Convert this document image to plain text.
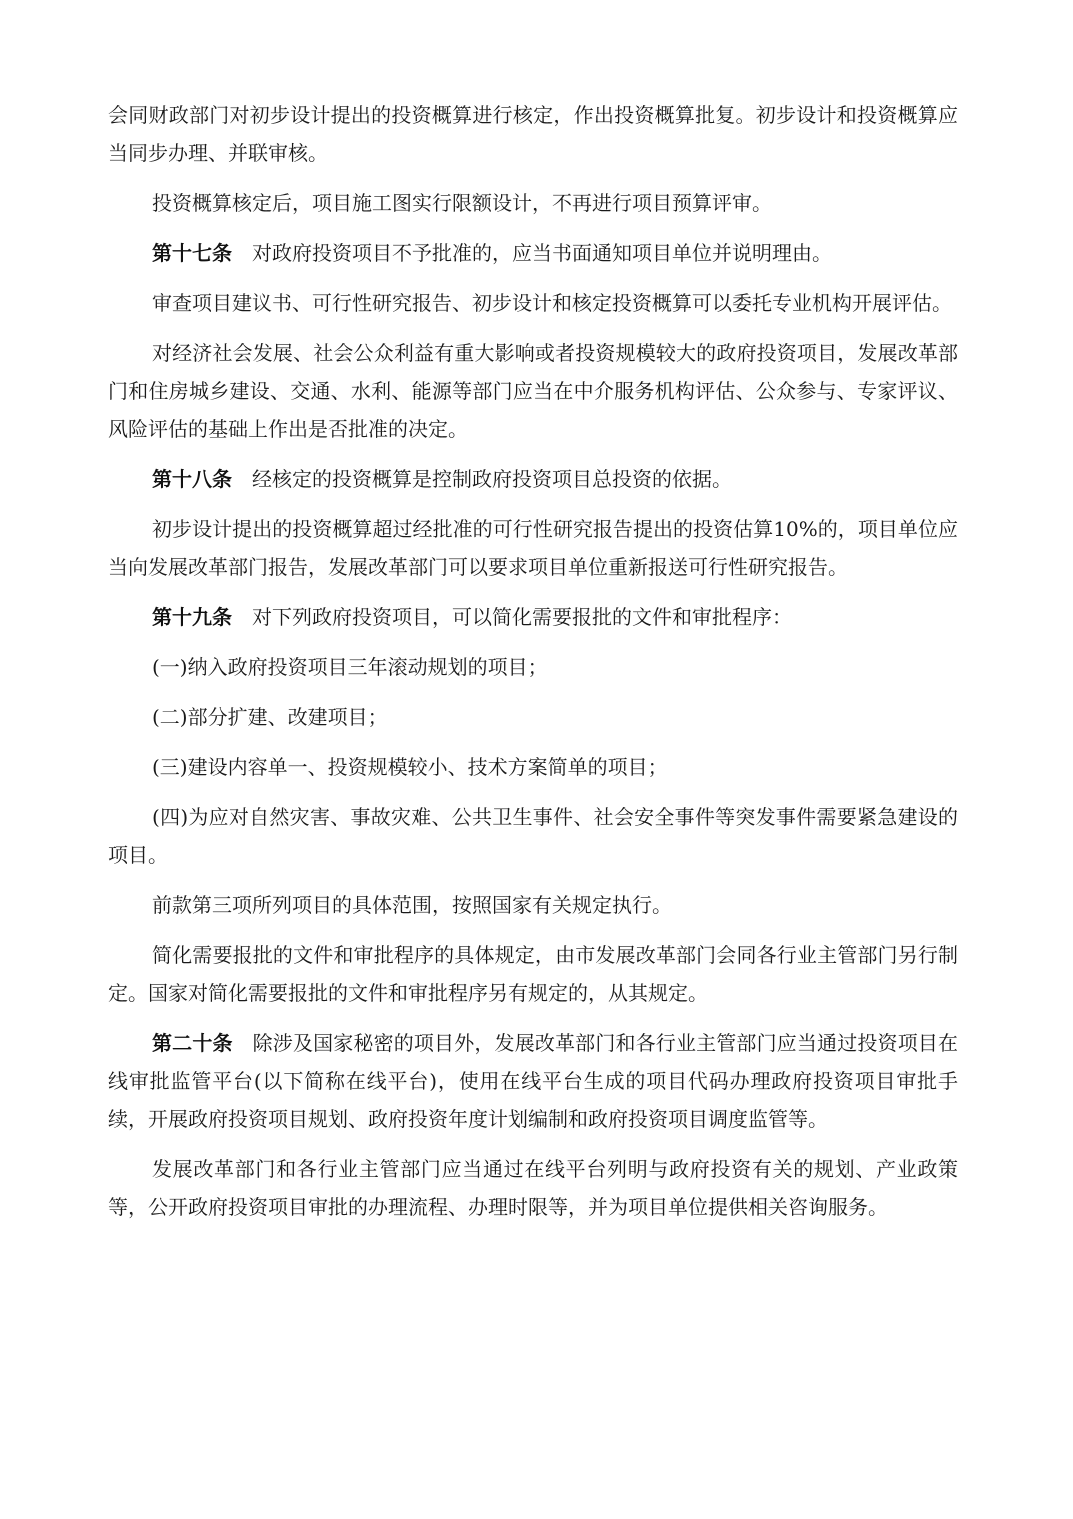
会同财政部门对初步设计提出的投资概算进行核定，作出投资概算批复。初步设计和投资概算应当同步办理、并联审核。

投资概算核定后，项目施工图实行限额设计，不再进行项目预算评审。

第十七条 对政府投资项目不予批准的，应当书面通知项目单位并说明理由。

审查项目建议书、可行性研究报告、初步设计和核定投资概算可以委托专业机构开展评估。

对经济社会发展、社会公众利益有重大影响或者投资规模较大的政府投资项目，发展改革部门和住房城乡建设、交通、水利、能源等部门应当在中介服务机构评估、公众参与、专家评议、风险评估的基础上作出是否批准的决定。

第十八条 经核定的投资概算是控制政府投资项目总投资的依据。

初步设计提出的投资概算超过经批准的可行性研究报告提出的投资估算10%的，项目单位应当向发展改革部门报告，发展改革部门可以要求项目单位重新报送可行性研究报告。

第十九条 对下列政府投资项目，可以简化需要报批的文件和审批程序：

(一)纳入政府投资项目三年滚动规划的项目；

(二)部分扩建、改建项目；

(三)建设内容单一、投资规模较小、技术方案简单的项目；

(四)为应对自然灾害、事故灾难、公共卫生事件、社会安全事件等突发事件需要紧急建设的项目。

前款第三项所列项目的具体范围，按照国家有关规定执行。

简化需要报批的文件和审批程序的具体规定，由市发展改革部门会同各行业主管部门另行制定。国家对简化需要报批的文件和审批程序另有规定的，从其规定。

第二十条 除涉及国家秘密的项目外，发展改革部门和各行业主管部门应当通过投资项目在线审批监管平台(以下简称在线平台)，使用在线平台生成的项目代码办理政府投资项目审批手续，开展政府投资项目规划、政府投资年度计划编制和政府投资项目调度监管等。

发展改革部门和各行业主管部门应当通过在线平台列明与政府投资有关的规划、产业政策等，公开政府投资项目审批的办理流程、办理时限等，并为项目单位提供相关咨询服务。
